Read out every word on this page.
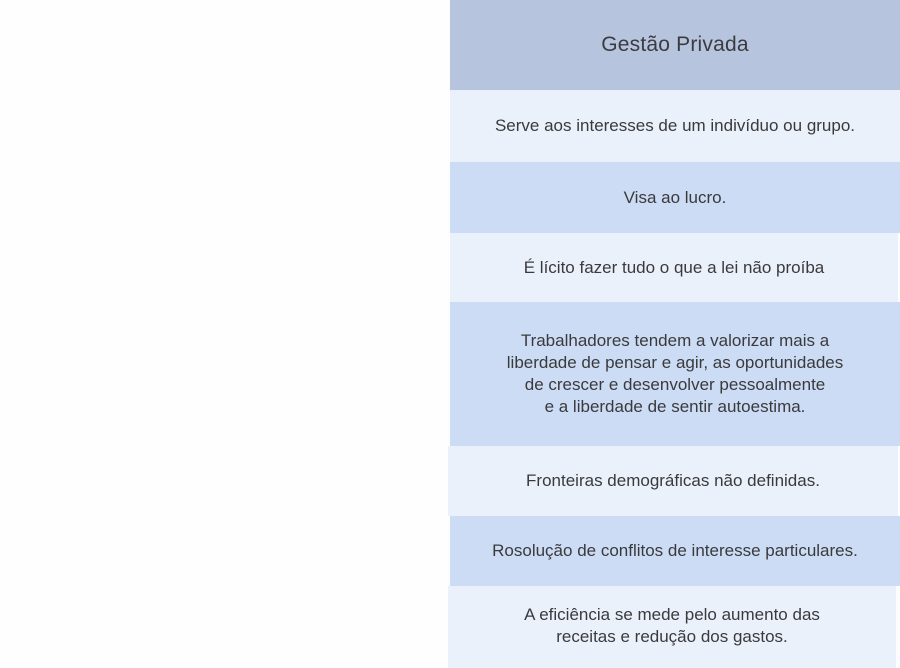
Gestão Privada
Serve aos interesses de um indivíduo ou grupo.
Visa ao lucro.
É lícito fazer tudo o que a lei não proíba
Trabalhadores tendem a valorizar mais a
liberdade de pensar e agir, as oportunidades
de crescer e desenvolver pessoalmente
e a liberdade de sentir autoestima.
Fronteiras demográficas não definidas.
Rosolução de conflitos de interesse particulares.
A eficiência se mede pelo aumento das
receitas e redução dos gastos.
